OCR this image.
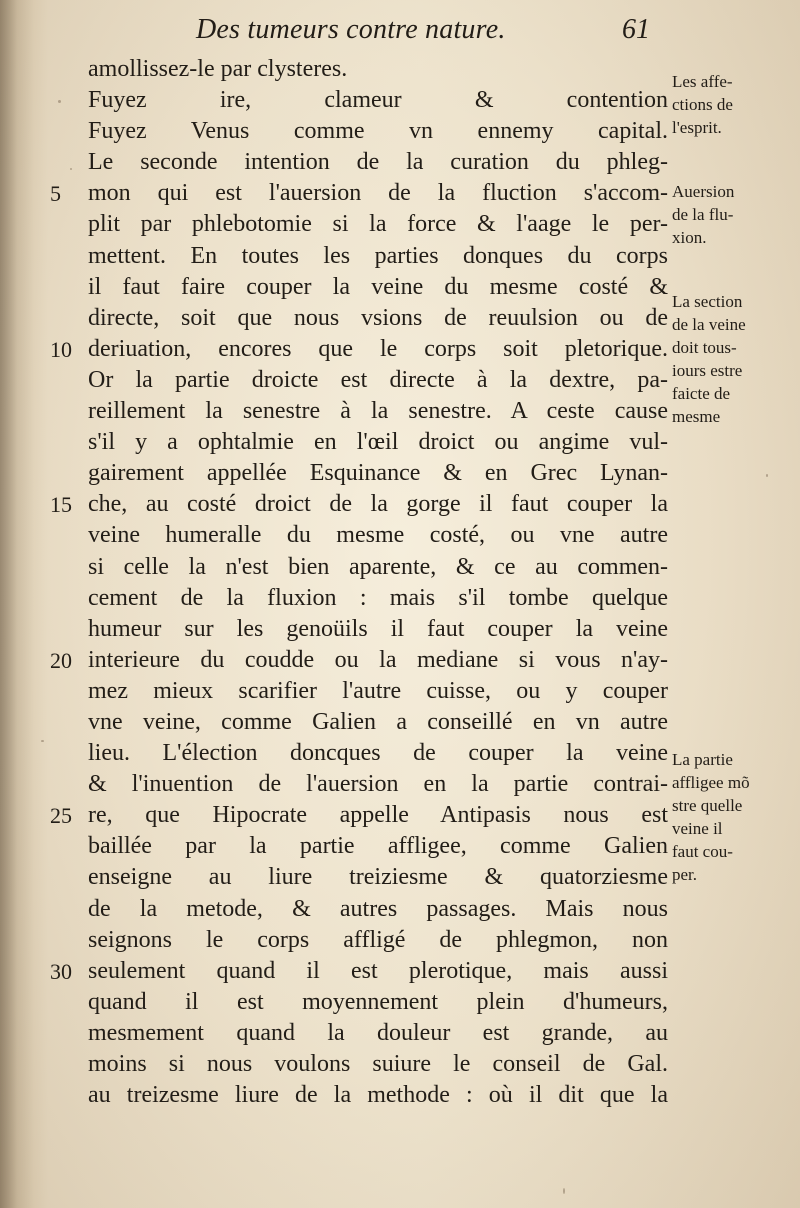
Des tumeurs contre nature.	61
amollissez-le par clysteres.
Fuyez ire, clameur & contention
Fuyez Venus comme vn ennemy capital.
Le seconde intention de la curation du phleg-
mon qui est l'auersion de la fluction s'accom-
5
plit par phlebotomie si la force & l'aage le per-
mettent. En toutes les parties donques du corps
il faut faire couper la veine du mesme costé &
directe, soit que nous vsions de reuulsion ou de
deriuation, encores que le corps soit pletorique.
10
Or la partie droicte est directe à la dextre, pa-
reillement la senestre à la senestre. A ceste cause
s'il y a ophtalmie en l'œil droict ou angime vul-
gairement appellée Esquinance & en Grec Lynan-
che, au costé droict de la gorge il faut couper la
15
veine humeralle du mesme costé, ou vne autre
si celle la n'est bien aparente, & ce au commen-
cement de la fluxion : mais s'il tombe quelque
humeur sur les genoüils il faut couper la veine
interieure du coudde ou la mediane si vous n'ay-
20
mez mieux scarifier l'autre cuisse, ou y couper
vne veine, comme Galien a conseillé en vn autre
lieu. L'élection doncques de couper la veine
& l'inuention de l'auersion en la partie contrai-
re, que Hipocrate appelle Antipasis nous est
25
baillée par la partie affligee, comme Galien
enseigne au liure treiziesme & quatorziesme
de la metode, & autres passages. Mais nous
seignons le corps affligé de phlegmon, non
seulement quand il est plerotique, mais aussi
30
quand il est moyennement plein d'humeurs,
mesmement quand la douleur est grande, au
moins si nous voulons suiure le conseil de Gal.
au treizesme liure de la methode : où il dit que la
Les affe-
ctions de
l'esprit.
Auersion
de la flu-
xion.
La section
de la veine
doit tous-
iours estre
faicte de
mesme
La partie
affligee mõ
stre quelle
veine il
faut cou-
per.
